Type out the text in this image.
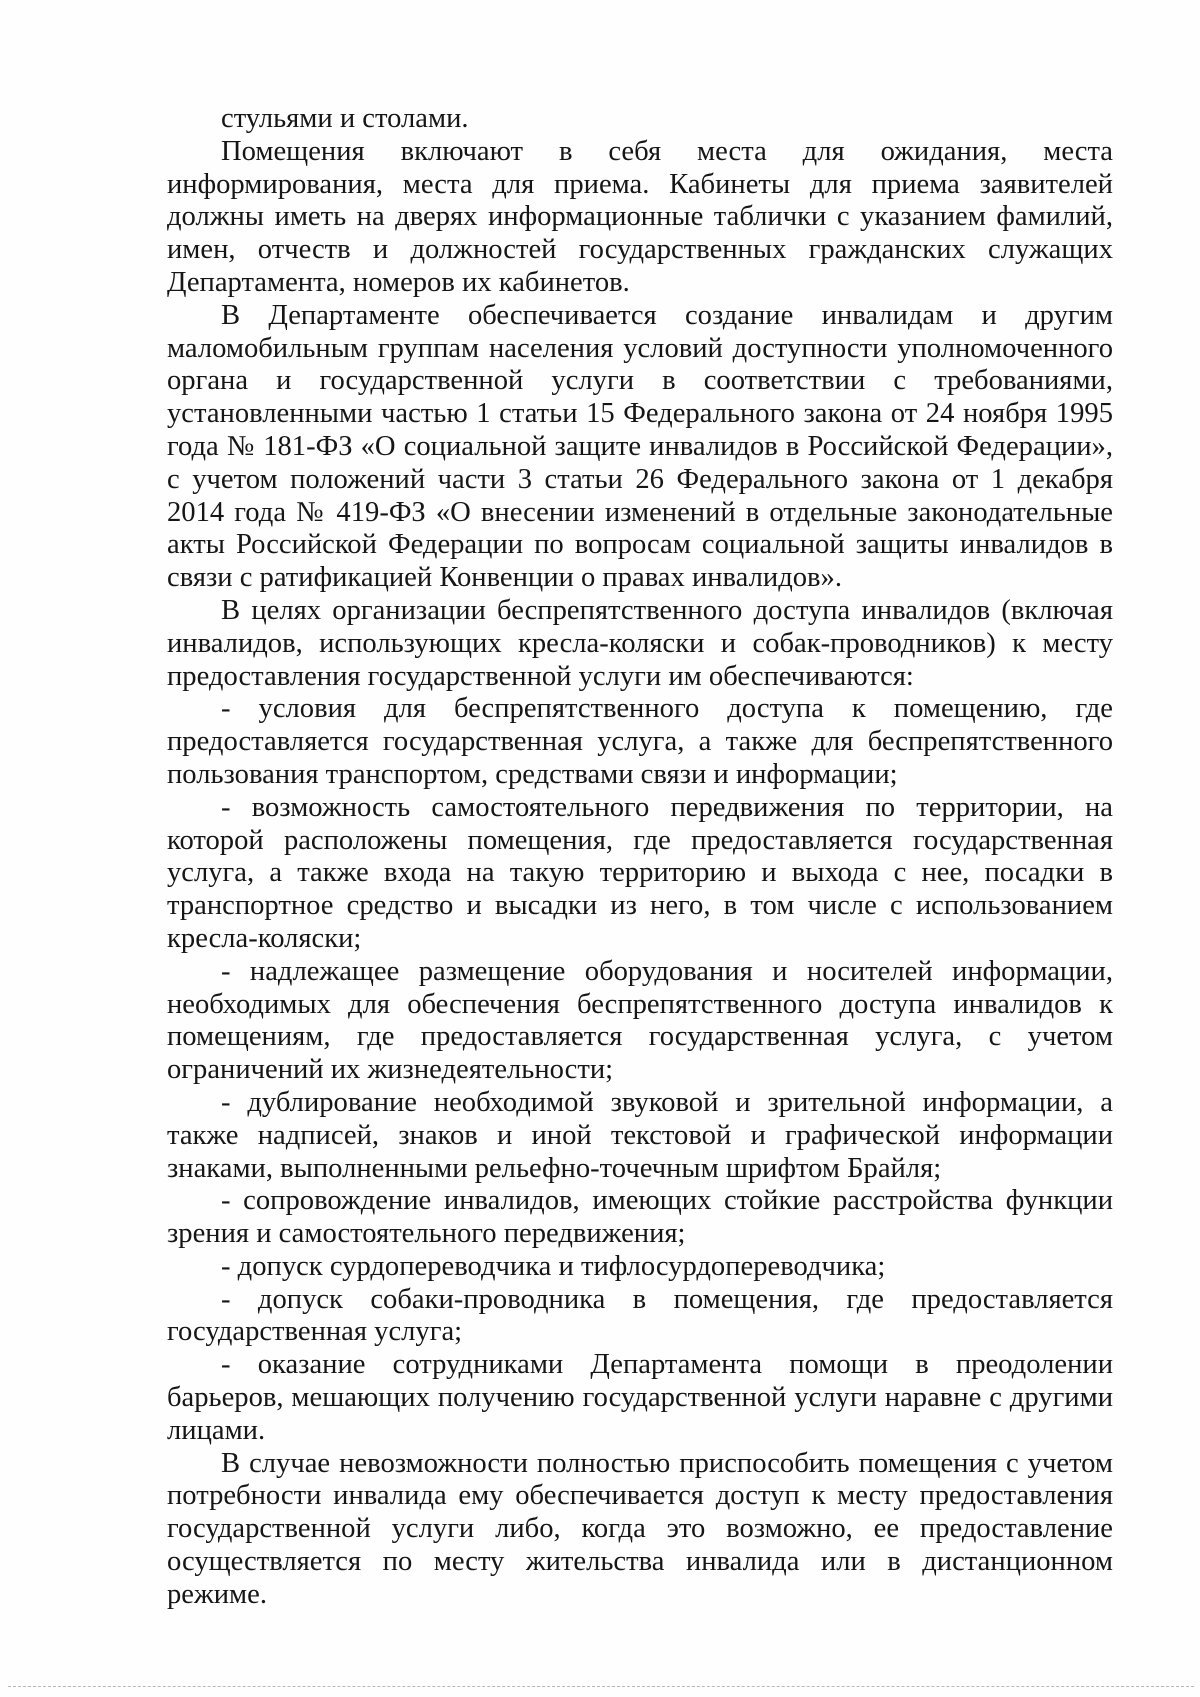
стульями и столами.

Помещения включают в себя места для ожидания, места информирования, места для приема. Кабинеты для приема заявителей должны иметь на дверях информационные таблички с указанием фамилий, имен, отчеств и должностей государственных гражданских служащих Департамента, номеров их кабинетов.

В Департаменте обеспечивается создание инвалидам и другим маломобильным группам населения условий доступности уполномоченного органа и государственной услуги в соответствии с требованиями, установленными частью 1 статьи 15 Федерального закона от 24 ноября 1995 года № 181-ФЗ «О социальной защите инвалидов в Российской Федерации», с учетом положений части 3 статьи 26 Федерального закона от 1 декабря 2014 года № 419-ФЗ «О внесении изменений в отдельные законодательные акты Российской Федерации по вопросам социальной защиты инвалидов в связи с ратификацией Конвенции о правах инвалидов».

В целях организации беспрепятственного доступа инвалидов (включая инвалидов, использующих кресла-коляски и собак-проводников) к месту предоставления государственной услуги им обеспечиваются:

- условия для беспрепятственного доступа к помещению, где предоставляется государственная услуга, а также для беспрепятственного пользования транспортом, средствами связи и информации;

- возможность самостоятельного передвижения по территории, на которой расположены помещения, где предоставляется государственная услуга, а также входа на такую территорию и выхода с нее, посадки в транспортное средство и высадки из него, в том числе с использованием кресла-коляски;

- надлежащее размещение оборудования и носителей информации, необходимых для обеспечения беспрепятственного доступа инвалидов к помещениям, где предоставляется государственная услуга, с учетом ограничений их жизнедеятельности;

- дублирование необходимой звуковой и зрительной информации, а также надписей, знаков и иной текстовой и графической информации знаками, выполненными рельефно-точечным шрифтом Брайля;

- сопровождение инвалидов, имеющих стойкие расстройства функции зрения и самостоятельного передвижения;

- допуск сурдопереводчика и тифлосурдопереводчика;

- допуск собаки-проводника в помещения, где предоставляется государственная услуга;

- оказание сотрудниками Департамента помощи в преодолении барьеров, мешающих получению государственной услуги наравне с другими лицами.

В случае невозможности полностью приспособить помещения с учетом потребности инвалида ему обеспечивается доступ к месту предоставления государственной услуги либо, когда это возможно, ее предоставление осуществляется по месту жительства инвалида или в дистанционном режиме.
